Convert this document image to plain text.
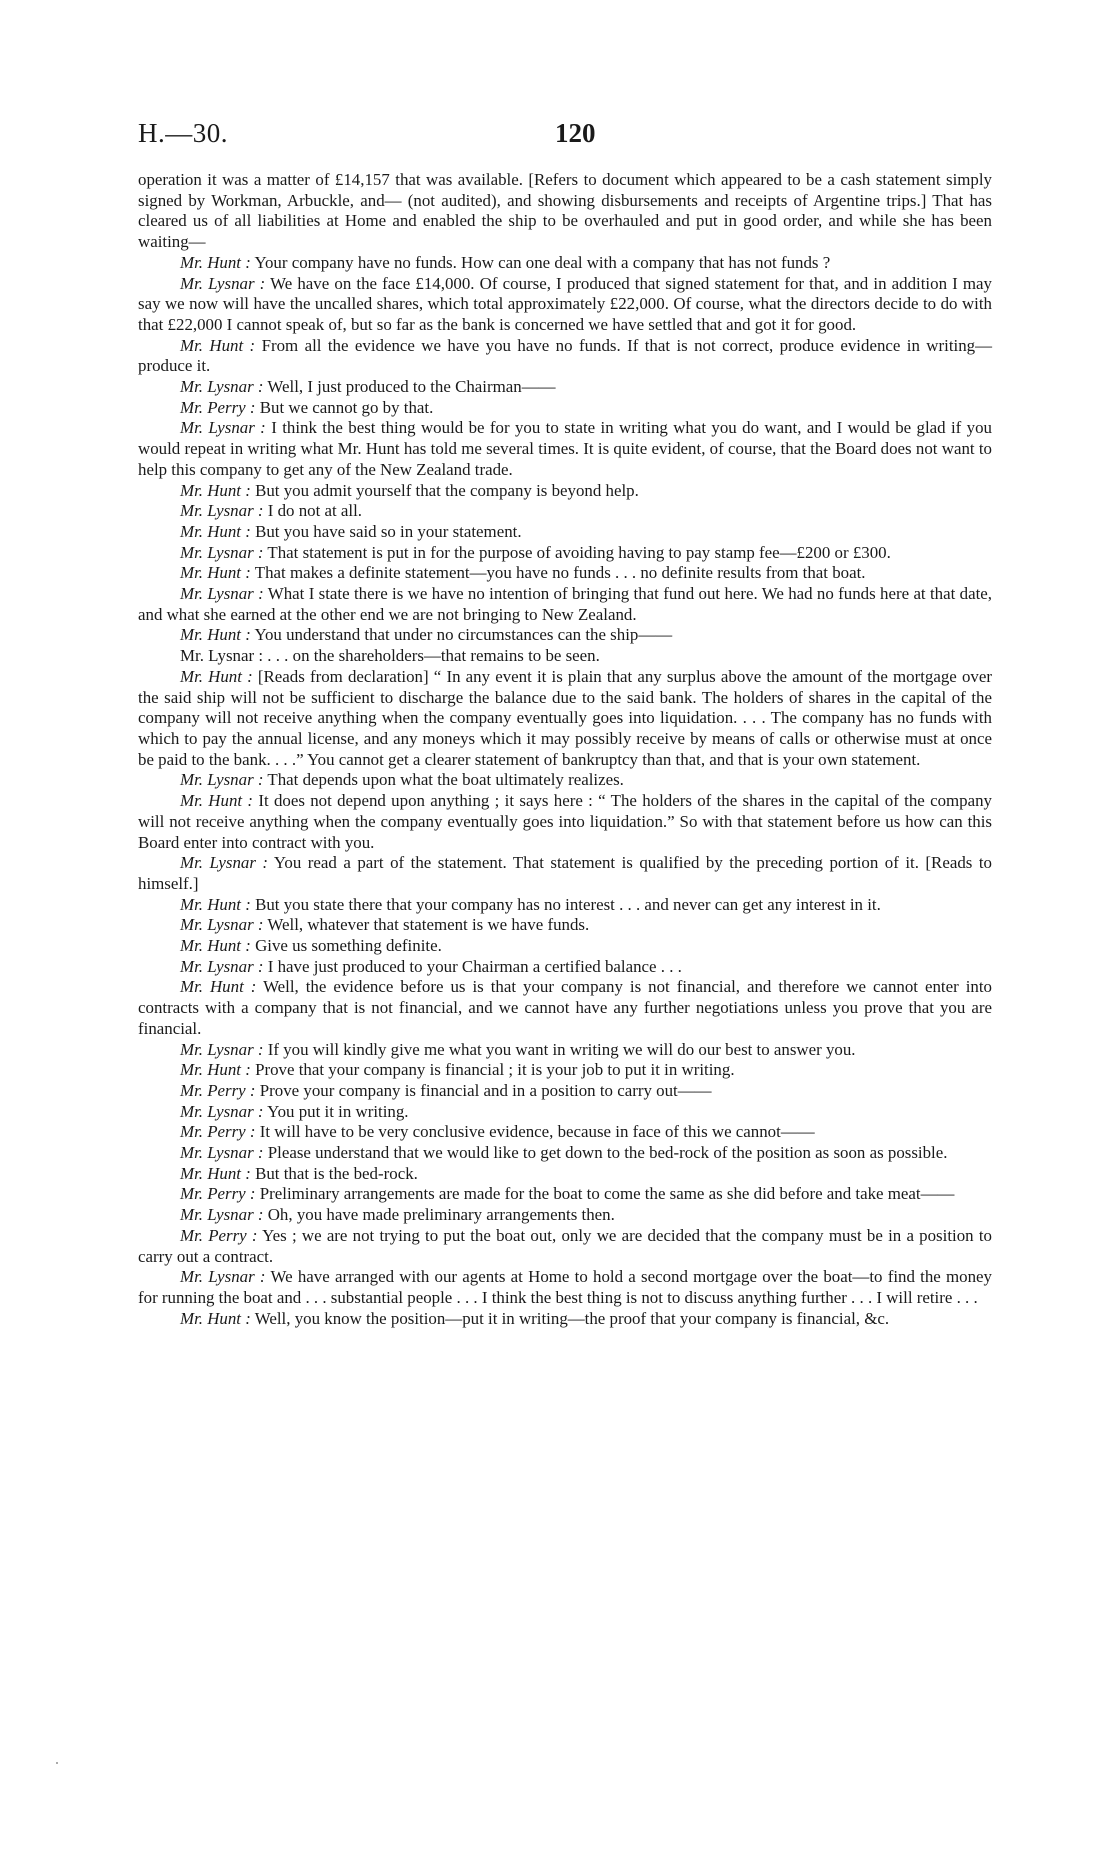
H.—30.	120

operation it was a matter of £14,157 that was available. [Refers to document which appeared to be a cash statement simply signed by Workman, Arbuckle, and— (not audited), and showing disbursements and receipts of Argentine trips.] That has cleared us of all liabilities at Home and enabled the ship to be overhauled and put in good order, and while she has been waiting—

Mr. Hunt : Your company have no funds. How can one deal with a company that has not funds ?

Mr. Lysnar : We have on the face £14,000. Of course, I produced that signed statement for that, and in addition I may say we now will have the uncalled shares, which total approximately £22,000. Of course, what the directors decide to do with that £22,000 I cannot speak of, but so far as the bank is concerned we have settled that and got it for good.

Mr. Hunt : From all the evidence we have you have no funds. If that is not correct, produce evidence in writing—produce it.

Mr. Lysnar : Well, I just produced to the Chairman——

Mr. Perry : But we cannot go by that.

Mr. Lysnar : I think the best thing would be for you to state in writing what you do want, and I would be glad if you would repeat in writing what Mr. Hunt has told me several times. It is quite evident, of course, that the Board does not want to help this company to get any of the New Zealand trade.

Mr. Hunt : But you admit yourself that the company is beyond help.

Mr. Lysnar : I do not at all.

Mr. Hunt : But you have said so in your statement.

Mr. Lysnar : That statement is put in for the purpose of avoiding having to pay stamp fee—£200 or £300.

Mr. Hunt : That makes a definite statement—you have no funds . . . no definite results from that boat.

Mr. Lysnar : What I state there is we have no intention of bringing that fund out here. We had no funds here at that date, and what she earned at the other end we are not bringing to New Zealand.

Mr. Hunt : You understand that under no circumstances can the ship——

Mr. Lysnar : . . . on the shareholders—that remains to be seen.

Mr. Hunt : [Reads from declaration] “ In any event it is plain that any surplus above the amount of the mortgage over the said ship will not be sufficient to discharge the balance due to the said bank. The holders of shares in the capital of the company will not receive anything when the company eventually goes into liquidation. . . . The company has no funds with which to pay the annual license, and any moneys which it may possibly receive by means of calls or otherwise must at once be paid to the bank. . . .” You cannot get a clearer statement of bankruptcy than that, and that is your own statement.

Mr. Lysnar : That depends upon what the boat ultimately realizes.

Mr. Hunt : It does not depend upon anything ; it says here : “ The holders of the shares in the capital of the company will not receive anything when the company eventually goes into liquidation.” So with that statement before us how can this Board enter into contract with you.

Mr. Lysnar : You read a part of the statement. That statement is qualified by the preceding portion of it. [Reads to himself.]

Mr. Hunt : But you state there that your company has no interest . . . and never can get any interest in it.

Mr. Lysnar : Well, whatever that statement is we have funds.

Mr. Hunt : Give us something definite.

Mr. Lysnar : I have just produced to your Chairman a certified balance . . .

Mr. Hunt : Well, the evidence before us is that your company is not financial, and therefore we cannot enter into contracts with a company that is not financial, and we cannot have any further negotiations unless you prove that you are financial.

Mr. Lysnar : If you will kindly give me what you want in writing we will do our best to answer you.

Mr. Hunt : Prove that your company is financial ; it is your job to put it in writing.

Mr. Perry : Prove your company is financial and in a position to carry out——

Mr. Lysnar : You put it in writing.

Mr. Perry : It will have to be very conclusive evidence, because in face of this we cannot——

Mr. Lysnar : Please understand that we would like to get down to the bed-rock of the position as soon as possible.

Mr. Hunt : But that is the bed-rock.

Mr. Perry : Preliminary arrangements are made for the boat to come the same as she did before and take meat——

Mr. Lysnar : Oh, you have made preliminary arrangements then.

Mr. Perry : Yes ; we are not trying to put the boat out, only we are decided that the company must be in a position to carry out a contract.

Mr. Lysnar : We have arranged with our agents at Home to hold a second mortgage over the boat—to find the money for running the boat and . . . substantial people . . . I think the best thing is not to discuss anything further . . . I will retire . . .

Mr. Hunt : Well, you know the position—put it in writing—the proof that your company is financial, &c.
